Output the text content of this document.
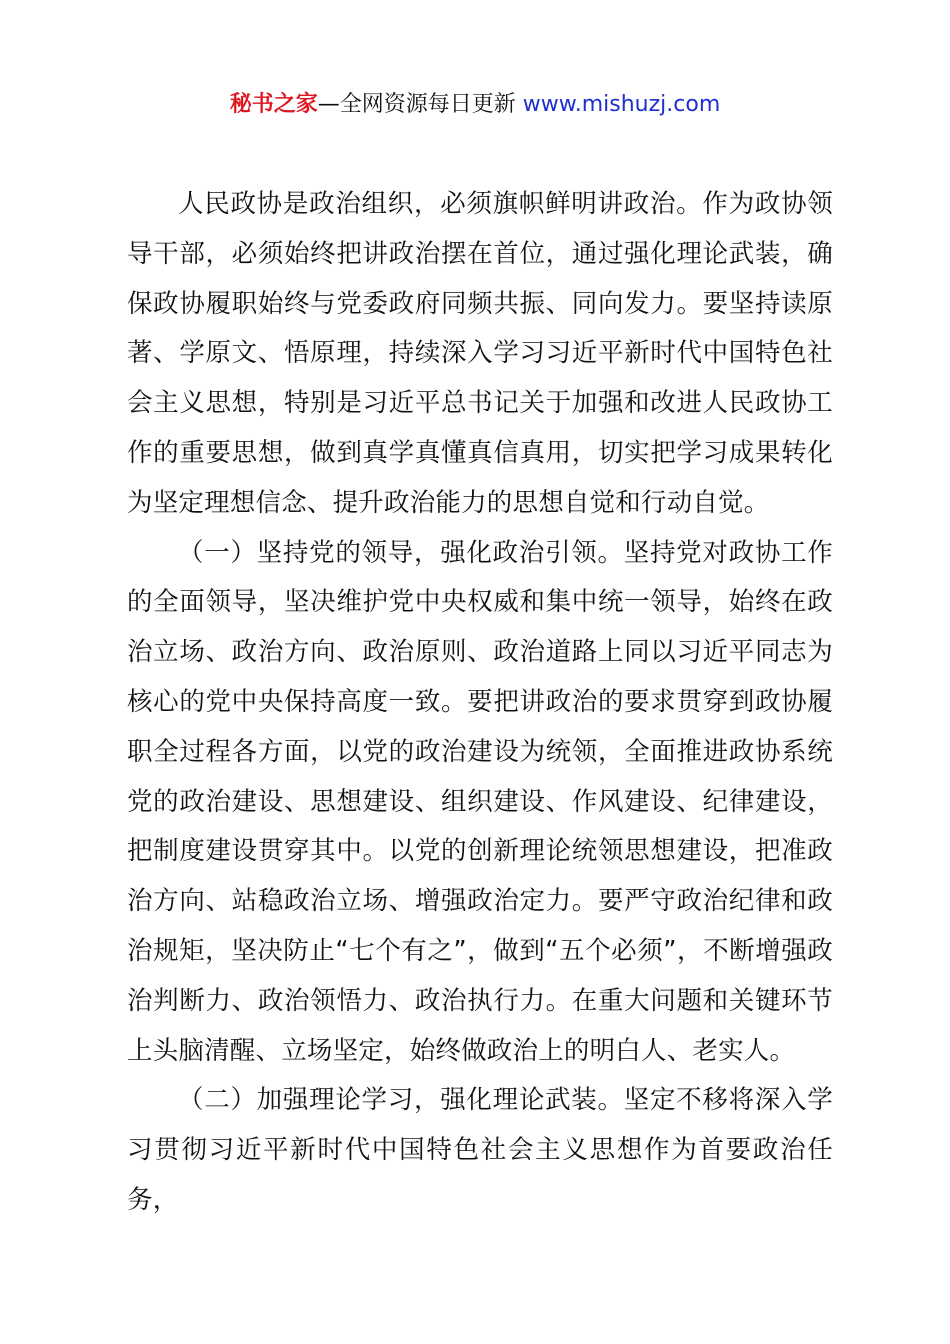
秘书之家—全网资源每日更新 www.mishuzj.com

人民政协是政治组织，必须旗帜鲜明讲政治。作为政协领导干部，必须始终把讲政治摆在首位，通过强化理论武装，确保政协履职始终与党委政府同频共振、同向发力。要坚持读原著、学原文、悟原理，持续深入学习习近平新时代中国特色社会主义思想，特别是习近平总书记关于加强和改进人民政协工作的重要思想，做到真学真懂真信真用，切实把学习成果转化为坚定理想信念、提升政治能力的思想自觉和行动自觉。

（一）坚持党的领导，强化政治引领。坚持党对政协工作的全面领导，坚决维护党中央权威和集中统一领导，始终在政治立场、政治方向、政治原则、政治道路上同以习近平同志为核心的党中央保持高度一致。要把讲政治的要求贯穿到政协履职全过程各方面，以党的政治建设为统领，全面推进政协系统党的政治建设、思想建设、组织建设、作风建设、纪律建设，把制度建设贯穿其中。以党的创新理论统领思想建设，把准政治方向、站稳政治立场、增强政治定力。要严守政治纪律和政治规矩，坚决防止“七个有之”，做到“五个必须”，不断增强政治判断力、政治领悟力、政治执行力。在重大问题和关键环节上头脑清醒、立场坚定，始终做政治上的明白人、老实人。

（二）加强理论学习，强化理论武装。坚定不移将深入学习贯彻习近平新时代中国特色社会主义思想作为首要政治任务，
